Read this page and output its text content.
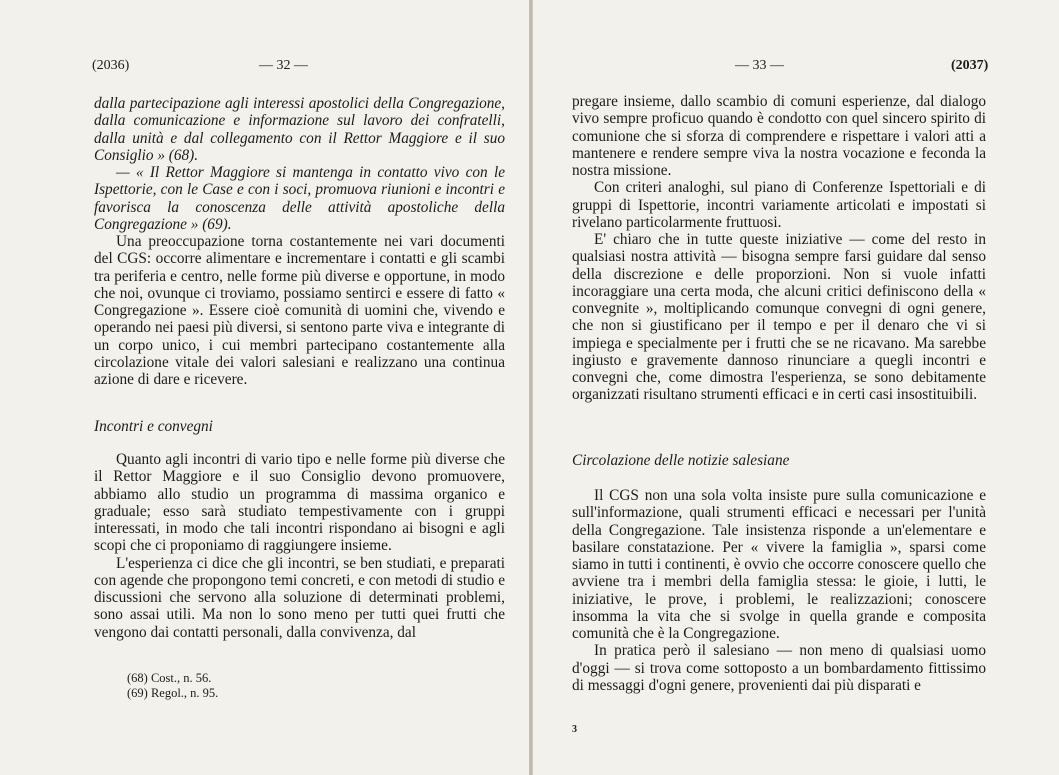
(2036)	— 32 —

dalla partecipazione agli interessi apostolici della Congregazione, dalla comunicazione e informazione sul lavoro dei confratelli, dalla unità e dal collegamento con il Rettor Maggiore e il suo Consiglio » (68).

— « Il Rettor Maggiore si mantenga in contatto vivo con le Ispettorie, con le Case e con i soci, promuova riunioni e incontri e favorisca la conoscenza delle attività apostoliche della Congregazione » (69).

Una preoccupazione torna costantemente nei vari documenti del CGS: occorre alimentare e incrementare i contatti e gli scambi tra periferia e centro, nelle forme più diverse e opportune, in modo che noi, ovunque ci troviamo, possiamo sentirci e essere di fatto « Congregazione ». Essere cioè comunità di uomini che, vivendo e operando nei paesi più diversi, si sentono parte viva e integrante di un corpo unico, i cui membri partecipano costantemente alla circolazione vitale dei valori salesiani e realizzano una continua azione di dare e ricevere.

Incontri e convegni

Quanto agli incontri di vario tipo e nelle forme più diverse che il Rettor Maggiore e il suo Consiglio devono promuovere, abbiamo allo studio un programma di massima organico e graduale; esso sarà studiato tempestivamente con i gruppi interessati, in modo che tali incontri rispondano ai bisogni e agli scopi che ci proponiamo di raggiungere insieme.

L'esperienza ci dice che gli incontri, se ben studiati, e preparati con agende che propongono temi concreti, e con metodi di studio e discussioni che servono alla soluzione di determinati problemi, sono assai utili. Ma non lo sono meno per tutti quei frutti che vengono dai contatti personali, dalla convivenza, dal

(68) Cost., n. 56.

(69) Regol., n. 95.

— 33 —	(2037)

pregare insieme, dallo scambio di comuni esperienze, dal dialogo vivo sempre proficuo quando è condotto con quel sincero spirito di comunione che si sforza di comprendere e rispettare i valori atti a mantenere e rendere sempre viva la nostra vocazione e feconda la nostra missione.

Con criteri analoghi, sul piano di Conferenze Ispettoriali e di gruppi di Ispettorie, incontri variamente articolati e impostati si rivelano particolarmente fruttuosi.

E' chiaro che in tutte queste iniziative — come del resto in qualsiasi nostra attività — bisogna sempre farsi guidare dal senso della discrezione e delle proporzioni. Non si vuole infatti incoraggiare una certa moda, che alcuni critici definiscono della « convegnite », moltiplicando comunque convegni di ogni genere, che non si giustificano per il tempo e per il denaro che vi si impiega e specialmente per i frutti che se ne ricavano. Ma sarebbe ingiusto e gravemente dannoso rinunciare a quegli incontri e convegni che, come dimostra l'esperienza, se sono debitamente organizzati risultano strumenti efficaci e in certi casi insostituibili.

Circolazione delle notizie salesiane

Il CGS non una sola volta insiste pure sulla comunicazione e sull'informazione, quali strumenti efficaci e necessari per l'unità della Congregazione. Tale insistenza risponde a un'elementare e basilare constatazione. Per « vivere la famiglia », sparsi come siamo in tutti i continenti, è ovvio che occorre conoscere quello che avviene tra i membri della famiglia stessa: le gioie, i lutti, le iniziative, le prove, i problemi, le realizzazioni; conoscere insomma la vita che si svolge in quella grande e composita comunità che è la Congregazione.

In pratica però il salesiano — non meno di qualsiasi uomo d'oggi — si trova come sottoposto a un bombardamento fittissimo di messaggi d'ogni genere, provenienti dai più disparati e

3
